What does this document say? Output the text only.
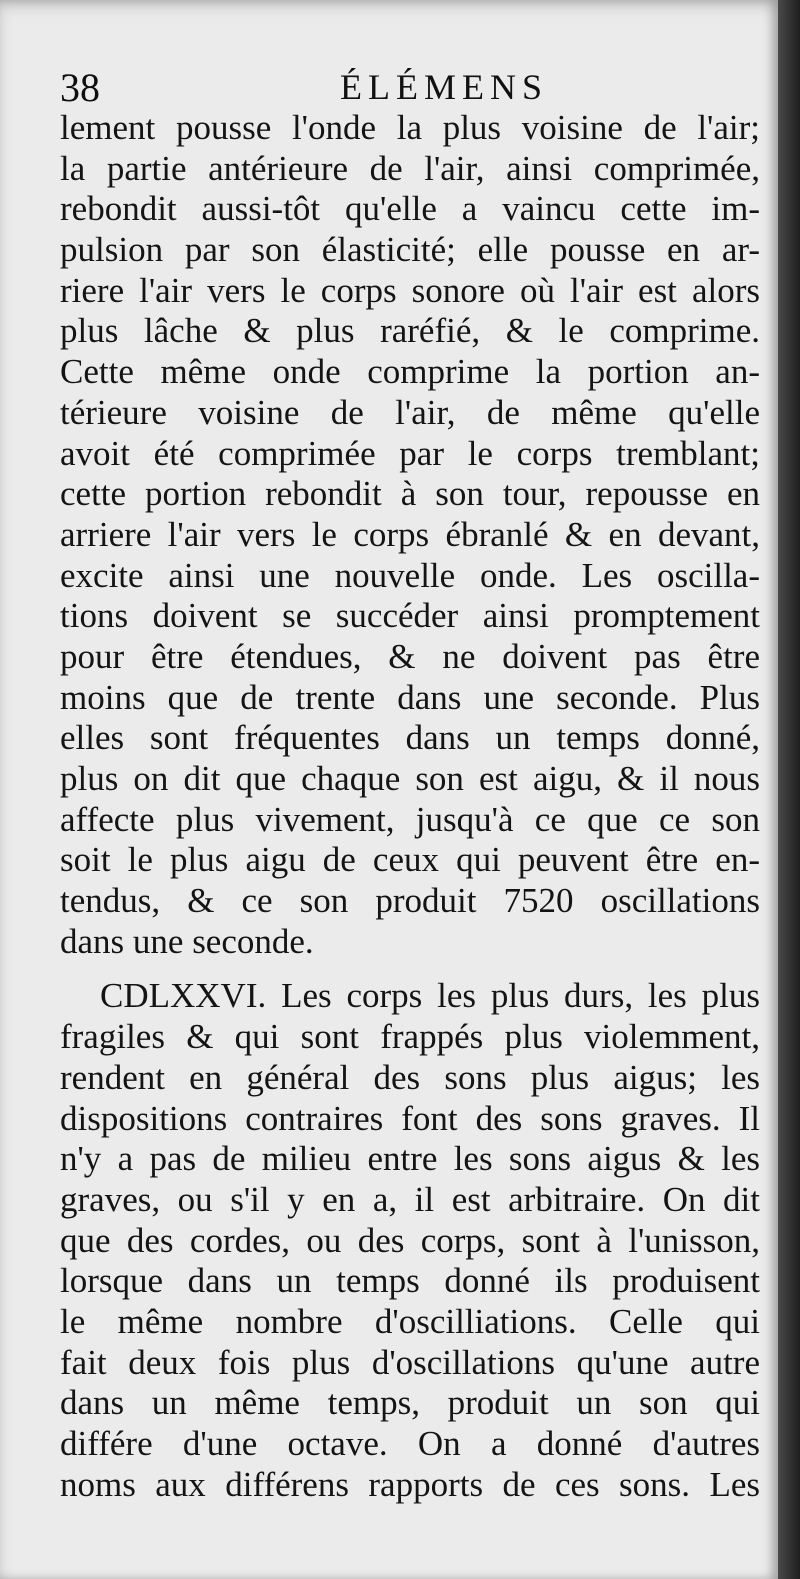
38	ÉLÉMENS
lement pousse l'onde la plus voisine de l'air;
la partie antérieure de l'air, ainsi comprimée,
rebondit aussi-tôt qu'elle a vaincu cette im-
pulsion par son élasticité; elle pousse en ar-
riere l'air vers le corps sonore où l'air est alors
plus lâche & plus raréfié, & le comprime.
Cette même onde comprime la portion an-
térieure voisine de l'air, de même qu'elle
avoit été comprimée par le corps tremblant;
cette portion rebondit à son tour, repousse en
arriere l'air vers le corps ébranlé & en devant,
excite ainsi une nouvelle onde. Les oscilla-
tions doivent se succéder ainsi promptement
pour être étendues, & ne doivent pas être
moins que de trente dans une seconde. Plus
elles sont fréquentes dans un temps donné,
plus on dit que chaque son est aigu, & il nous
affecte plus vivement, jusqu'à ce que ce son
soit le plus aigu de ceux qui peuvent être en-
tendus, & ce son produit 7520 oscillations
dans une seconde.
CDLXXVI. Les corps les plus durs, les plus
fragiles & qui sont frappés plus violemment,
rendent en général des sons plus aigus; les
dispositions contraires font des sons graves. Il
n'y a pas de milieu entre les sons aigus & les
graves, ou s'il y en a, il est arbitraire. On dit
que des cordes, ou des corps, sont à l'unisson,
lorsque dans un temps donné ils produisent
le même nombre d'oscilliations. Celle qui
fait deux fois plus d'oscillations qu'une autre
dans un même temps, produit un son qui
différe d'une octave. On a donné d'autres
noms aux différens rapports de ces sons. Les
